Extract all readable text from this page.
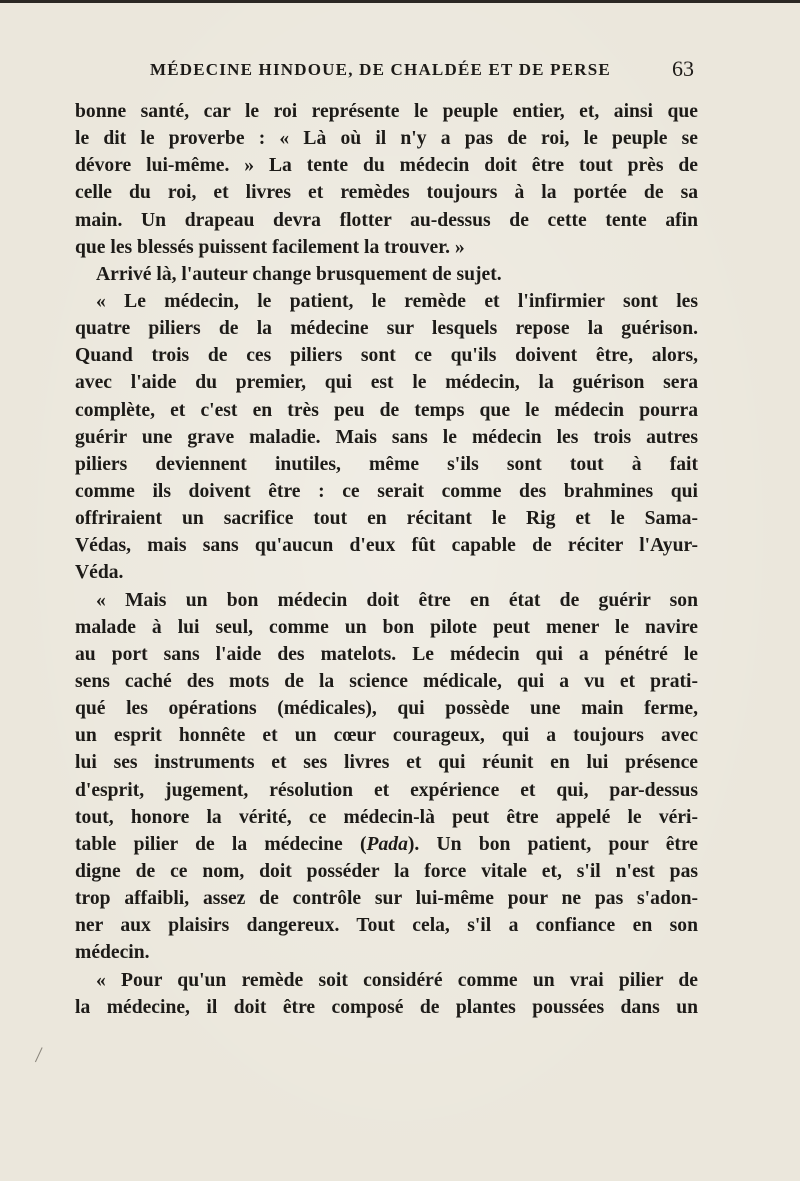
MÉDECINE HINDOUE, DE CHALDÉE ET DE PERSE	63
bonne santé, car le roi représente le peuple entier, et, ainsi que
le dit le proverbe : « Là où il n'y a pas de roi, le peuple se
dévore lui-même. » La tente du médecin doit être tout près de
celle du roi, et livres et remèdes toujours à la portée de sa
main. Un drapeau devra flotter au-dessus de cette tente afin
que les blessés puissent facilement la trouver. »
Arrivé là, l'auteur change brusquement de sujet.
« Le médecin, le patient, le remède et l'infirmier sont les
quatre piliers de la médecine sur lesquels repose la guérison.
Quand trois de ces piliers sont ce qu'ils doivent être, alors,
avec l'aide du premier, qui est le médecin, la guérison sera
complète, et c'est en très peu de temps que le médecin pourra
guérir une grave maladie. Mais sans le médecin les trois autres
piliers deviennent inutiles, même s'ils sont tout à fait
comme ils doivent être : ce serait comme des brahmines qui
offriraient un sacrifice tout en récitant le Rig et le Sama-
Védas, mais sans qu'aucun d'eux fût capable de réciter l'Ayur-
Véda.
« Mais un bon médecin doit être en état de guérir son
malade à lui seul, comme un bon pilote peut mener le navire
au port sans l'aide des matelots. Le médecin qui a pénétré le
sens caché des mots de la science médicale, qui a vu et prati-
qué les opérations (médicales), qui possède une main ferme,
un esprit honnête et un cœur courageux, qui a toujours avec
lui ses instruments et ses livres et qui réunit en lui présence
d'esprit, jugement, résolution et expérience et qui, par-dessus
tout, honore la vérité, ce médecin-là peut être appelé le véri-
table pilier de la médecine (Pada). Un bon patient, pour être
digne de ce nom, doit posséder la force vitale et, s'il n'est pas
trop affaibli, assez de contrôle sur lui-même pour ne pas s'adon-
ner aux plaisirs dangereux. Tout cela, s'il a confiance en son
médecin.
« Pour qu'un remède soit considéré comme un vrai pilier de
la médecine, il doit être composé de plantes poussées dans un
